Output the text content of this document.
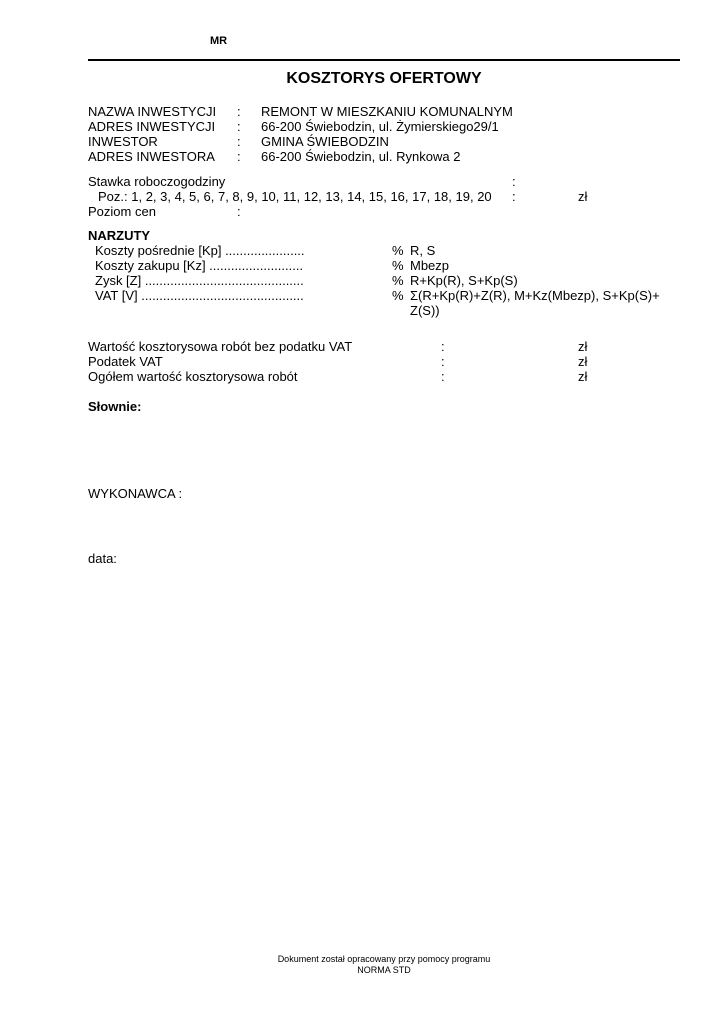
MR
KOSZTORYS OFERTOWY
NAZWA INWESTYCJI : REMONT W MIESZKANIU KOMUNALNYM
ADRES INWESTYCJI : 66-200 Świebodzin, ul. Żymierskiego29/1
INWESTOR	: GMINA ŚWIEBODZIN
ADRES INWESTORA : 66-200 Świebodzin, ul. Rynkowa 2
Stawka roboczogodziny	:
Poz.: 1, 2, 3, 4, 5, 6, 7, 8, 9, 10, 11, 12, 13, 14, 15, 16, 17, 18, 19, 20 :	zł
Poziom cen	:
NARZUTY
Koszty pośrednie [Kp] ......................	% R, S
Koszty zakupu [Kz] ..........................	% Mbezp
Zysk [Z] ............................................	% R+Kp(R), S+Kp(S)
VAT [V] .............................................	% Σ(R+Kp(R)+Z(R), M+Kz(Mbezp), S+Kp(S)+
Z(S))
Wartość kosztorysowa robót bez podatku VAT	:	zł
Podatek VAT	:	zł
Ogółem wartość kosztorysowa robót	:	zł
Słownie:
WYKONAWCA :
data:
Dokument został opracowany przy pomocy programu
NORMA STD
